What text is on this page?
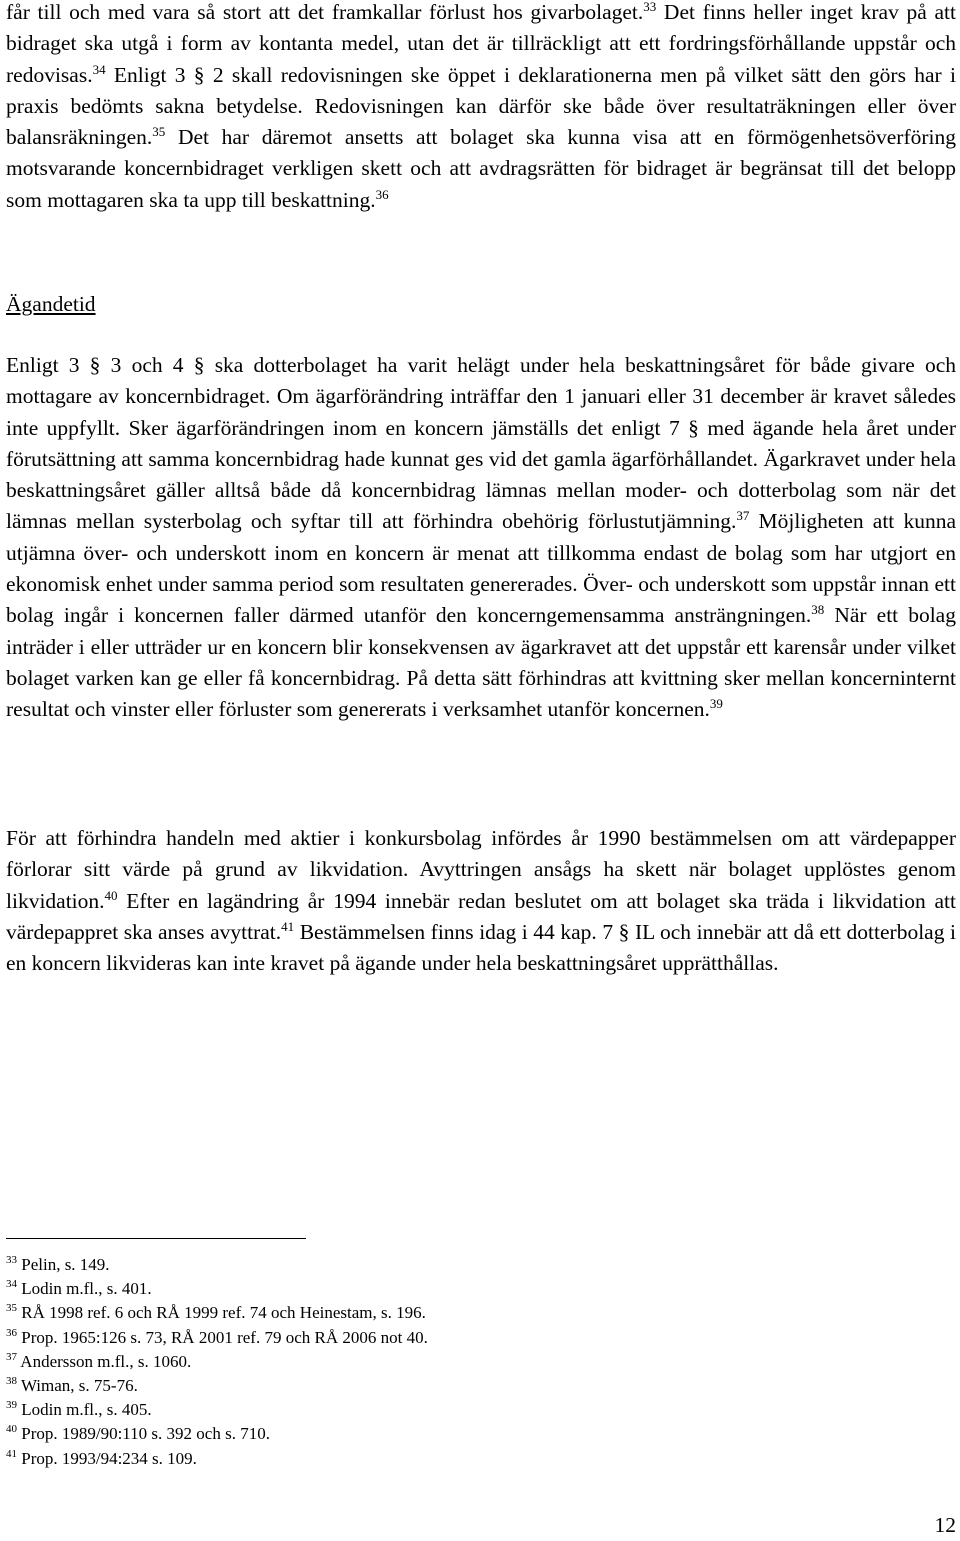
får till och med vara så stort att det framkallar förlust hos givarbolaget.$^{33}$ Det finns heller inget krav på att bidraget ska utgå i form av kontanta medel, utan det är tillräckligt att ett fordringsförhållande uppstår och redovisas.$^{34}$ Enligt 3 § 2 skall redovisningen ske öppet i deklarationerna men på vilket sätt den görs har i praxis bedömts sakna betydelse. Redovisningen kan därför ske både över resultaträkningen eller över balansräkningen.$^{35}$ Det har däremot ansetts att bolaget ska kunna visa att en förmögenhetsöverföring motsvarande koncernbidraget verkligen skett och att avdragsrätten för bidraget är begränsat till det belopp som mottagaren ska ta upp till beskattning.$^{36}$

Ägandetid

Enligt 3 § 3 och 4 § ska dotterbolaget ha varit helägt under hela beskattningsåret för både givare och mottagare av koncernbidraget. Om ägarförändring inträffar den 1 januari eller 31 december är kravet således inte uppfyllt. Sker ägarförändringen inom en koncern jämställs det enligt 7 § med ägande hela året under förutsättning att samma koncernbidrag hade kunnat ges vid det gamla ägarförhållandet. Ägarkravet under hela beskattningsåret gäller alltså både då koncernbidrag lämnas mellan moder- och dotterbolag som när det lämnas mellan systerbolag och syftar till att förhindra obehörig förlustutjämning.$^{37}$ Möjligheten att kunna utjämna över- och underskott inom en koncern är menat att tillkomma endast de bolag som har utgjort en ekonomisk enhet under samma period som resultaten genererades. Över- och underskott som uppstår innan ett bolag ingår i koncernen faller därmed utanför den koncerngemensamma ansträngningen.$^{38}$ När ett bolag inträder i eller utträder ur en koncern blir konsekvensen av ägarkravet att det uppstår ett karensår under vilket bolaget varken kan ge eller få koncernbidrag. På detta sätt förhindras att kvittning sker mellan koncerninternt resultat och vinster eller förluster som genererats i verksamhet utanför koncernen.$^{39}$

För att förhindra handeln med aktier i konkursbolag infördes år 1990 bestämmelsen om att värdepapper förlorar sitt värde på grund av likvidation. Avyttringen ansågs ha skett när bolaget upplöstes genom likvidation.$^{40}$ Efter en lagändring år 1994 innebär redan beslutet om att bolaget ska träda i likvidation att värdepappret ska anses avyttrat.$^{41}$ Bestämmelsen finns idag i 44 kap. 7 § IL och innebär att då ett dotterbolag i en koncern likvideras kan inte kravet på ägande under hela beskattningsåret upprätthållas.

$^{33}$ Pelin, s. 149.

$^{34}$ Lodin m.fl., s. 401.

$^{35}$ RÅ 1998 ref. 6 och RÅ 1999 ref. 74 och Heinestam, s. 196.

$^{36}$ Prop. 1965:126 s. 73, RÅ 2001 ref. 79 och RÅ 2006 not 40.

$^{37}$ Andersson m.fl., s. 1060.

$^{38}$ Wiman, s. 75-76.

$^{39}$ Lodin m.fl., s. 405.

$^{40}$ Prop. 1989/90:110 s. 392 och s. 710.

$^{41}$ Prop. 1993/94:234 s. 109.

12
